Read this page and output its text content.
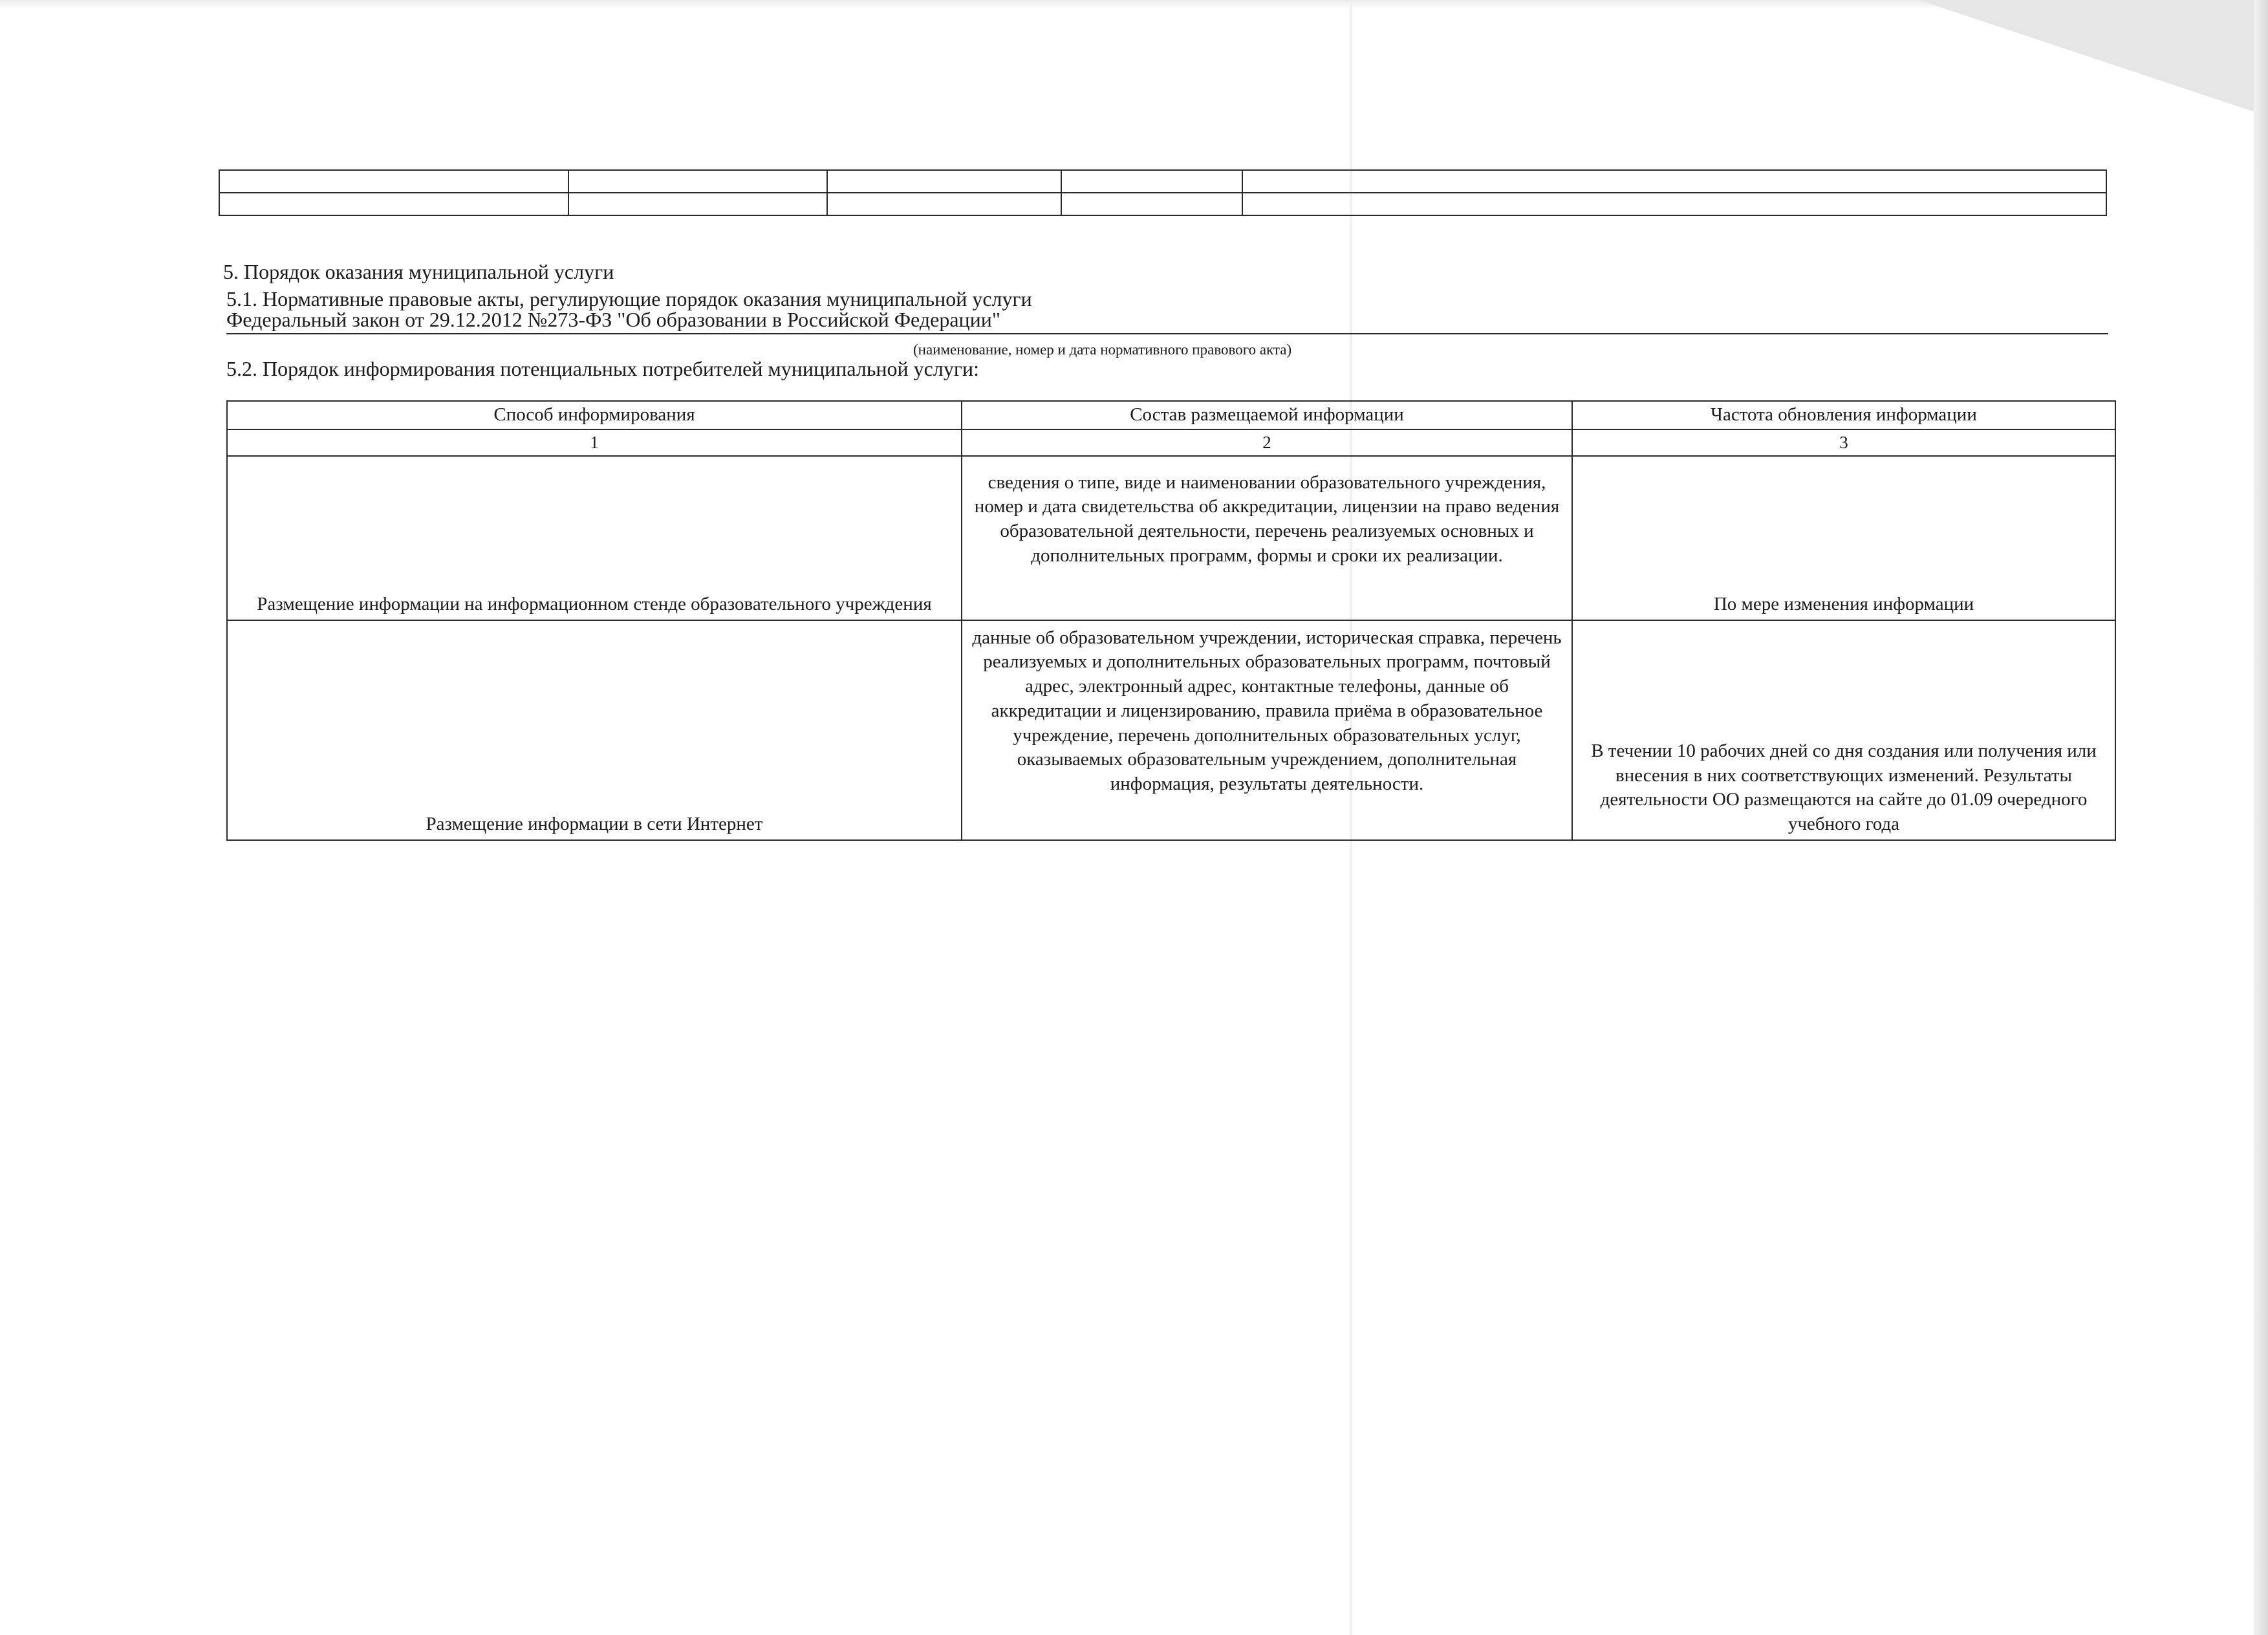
5. Порядок оказания муниципальной услуги
5.1. Нормативные правовые акты, регулирующие порядок оказания муниципальной услуги
Федеральный закон от 29.12.2012 №273-ФЗ "Об образовании в Российской Федерации"
(наименование, номер и дата нормативного правового акта)
5.2. Порядок информирования потенциальных потребителей муниципальной услуги:
Способ информирования	Состав размещаемой информации	Частота обновления информации
1	2	3
Размещение информации на информационном стенде образовательного учреждения	сведения о типе, виде и наименовании образовательного учреждения, номер и дата свидетельства об аккредитации, лицензии на право ведения образовательной деятельности, перечень реализуемых основных и дополнительных программ, формы и сроки их реализации.	По мере изменения информации
Размещение информации в сети Интернет	данные об образовательном учреждении, историческая справка, перечень реализуемых и дополнительных образовательных программ, почтовый адрес, электронный адрес, контактные телефоны, данные об аккредитации и лицензированию, правила приёма в образовательное учреждение, перечень дополнительных образовательных услуг, оказываемых образовательным учреждением, дополнительная информация, результаты деятельности.	В течении 10 рабочих дней со дня создания или получения или внесения в них соответствующих изменений. Результаты деятельности ОО размещаются на сайте до 01.09 очередного учебного года
